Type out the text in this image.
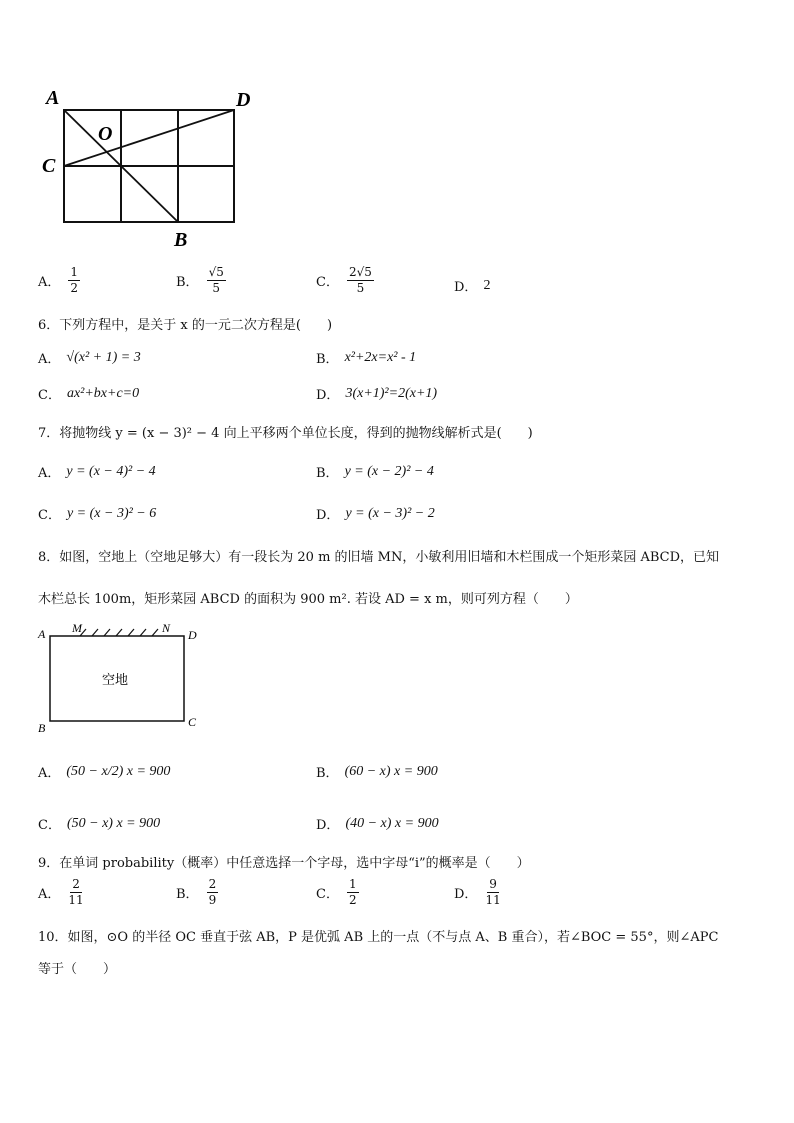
A	D
O
C
B
A． $\frac{1}{2}$	B． $\frac{√5}{5}$	C． $\frac{2√5}{5}$	D． 2
6．下列方程中，是关于 x 的一元二次方程是(　　)
A． √(x² + 1) = 3	B． x²+2x=x² - 1
C． ax²+bx+c=0	D． 3(x+1)²=2(x+1)
7．将抛物线 y = (x − 3)² − 4 向上平移两个单位长度，得到的抛物线解析式是(　　)
A． y = (x − 4)² − 4	B． y = (x − 2)² − 4
C． y = (x − 3)² − 6	D． y = (x − 3)² − 2
8．如图，空地上（空地足够大）有一段长为 20 m 的旧墙 MN，小敏利用旧墙和木栏围成一个矩形菜园 ABCD，已知
木栏总长 100m，矩形菜园 ABCD 的面积为 900 m². 若设 AD = x m，则可列方程（　　）
A M	N D
B	C
空地
A． (50 − x/2) x = 900	B． (60 − x) x = 900
C． (50 − x) x = 900	D． (40 − x) x = 900
9．在单词 probability（概率）中任意选择一个字母，选中字母“i”的概率是（　　）
A． $\frac{2}{11}$	B． $\frac{2}{9}$	C． $\frac{1}{2}$	D． $\frac{9}{11}$
10．如图，⊙O 的半径 OC 垂直于弦 AB，P 是优弧 AB 上的一点（不与点 A、B 重合），若∠BOC = 55°，则∠APC
等于（　　）
